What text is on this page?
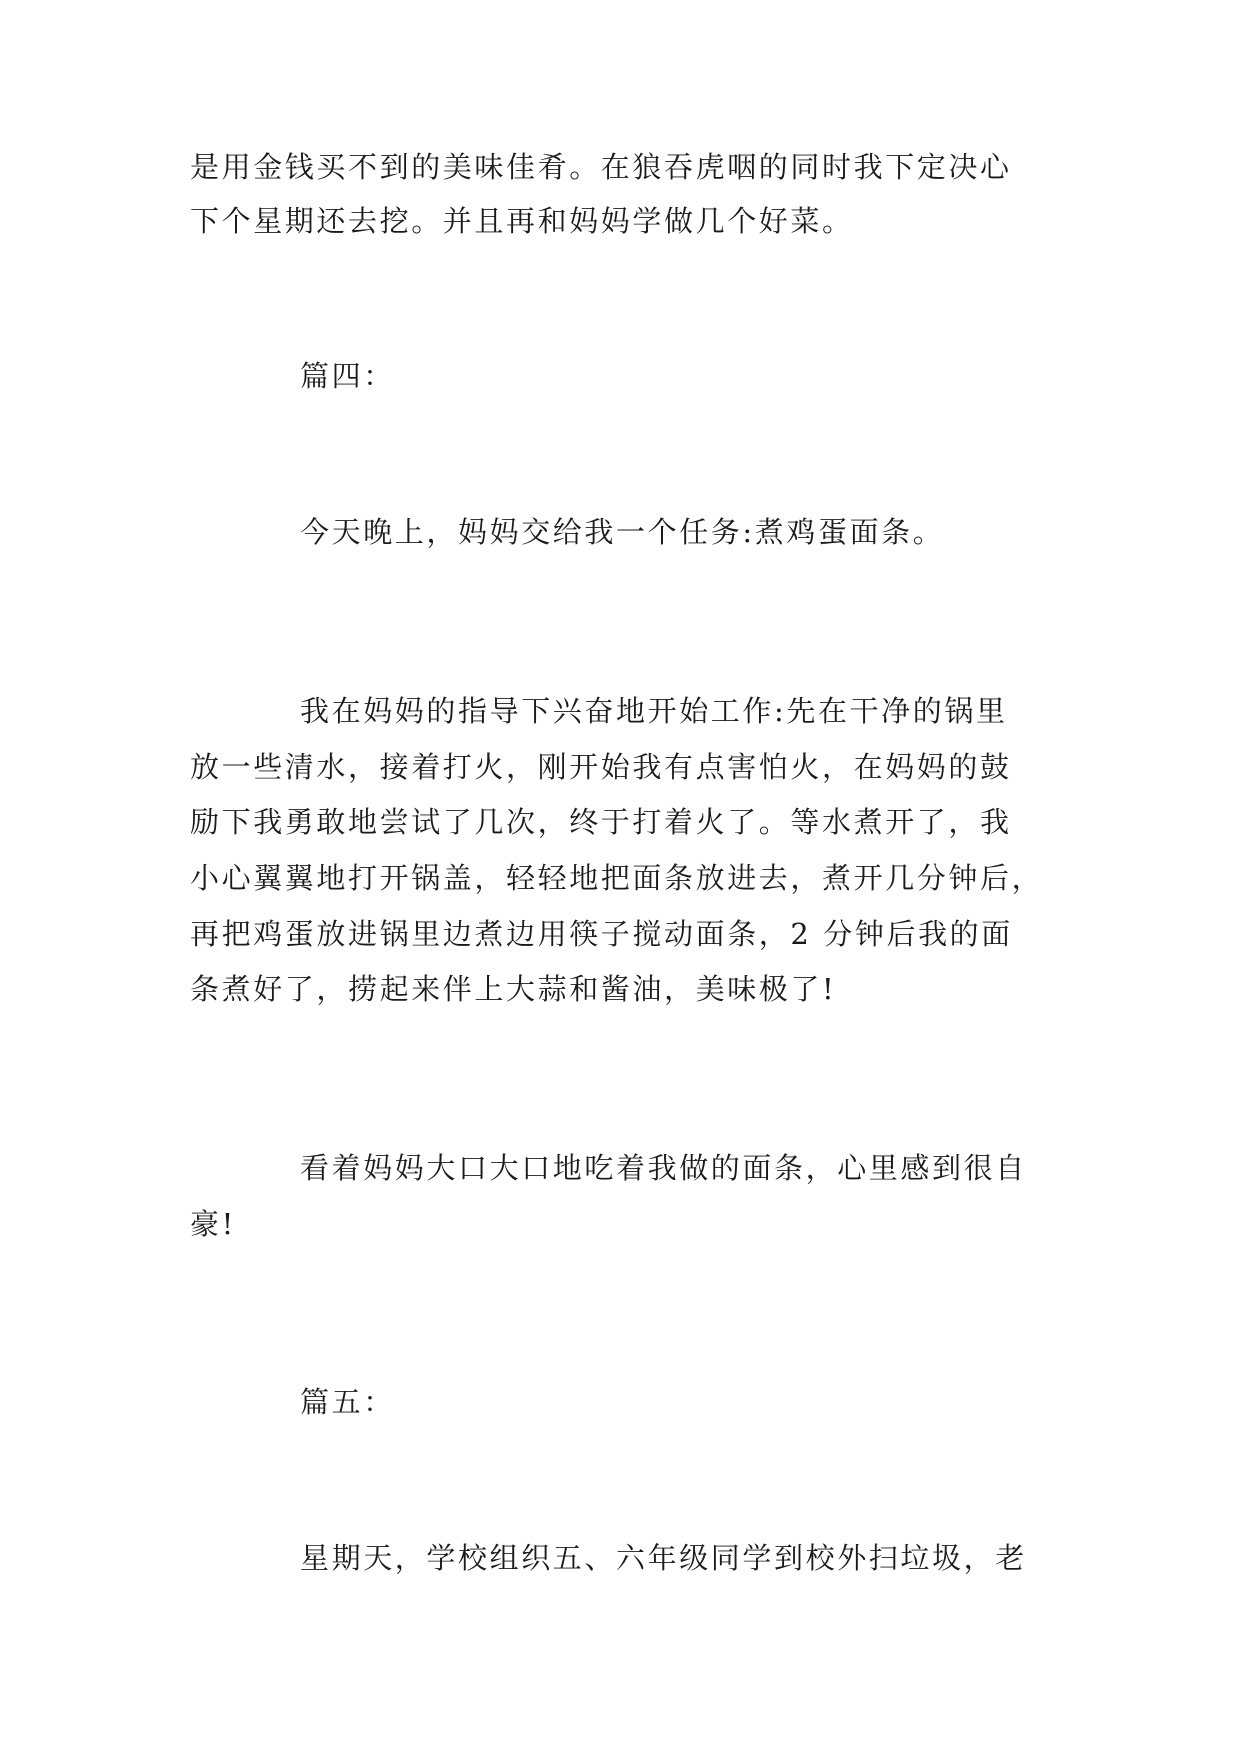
是用金钱买不到的美味佳肴。在狼吞虎咽的同时我下定决心
下个星期还去挖。并且再和妈妈学做几个好菜。
篇四：
今天晚上，妈妈交给我一个任务:煮鸡蛋面条。
我在妈妈的指导下兴奋地开始工作:先在干净的锅里
放一些清水，接着打火，刚开始我有点害怕火，在妈妈的鼓
励下我勇敢地尝试了几次，终于打着火了。等水煮开了，我
小心翼翼地打开锅盖，轻轻地把面条放进去，煮开几分钟后，
再把鸡蛋放进锅里边煮边用筷子搅动面条，2 分钟后我的面
条煮好了，捞起来伴上大蒜和酱油，美味极了!
看着妈妈大口大口地吃着我做的面条，心里感到很自
豪!
篇五：
星期天，学校组织五、六年级同学到校外扫垃圾，老
